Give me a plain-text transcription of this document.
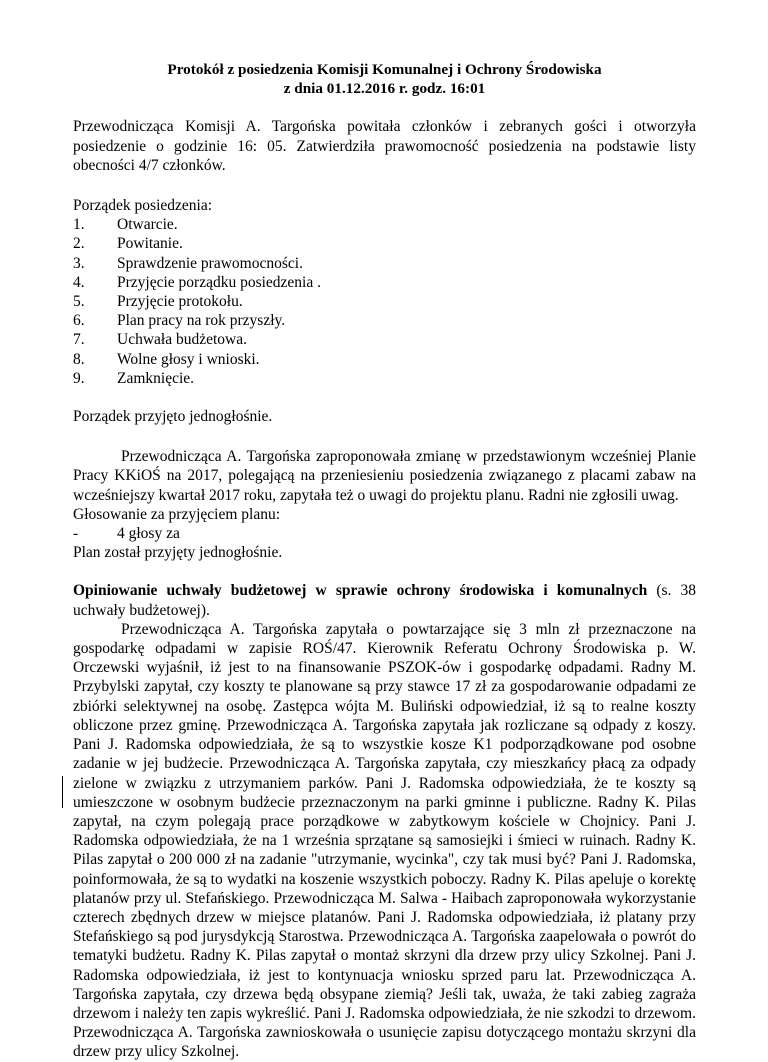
Protokół z posiedzenia Komisji Komunalnej i Ochrony Środowiska

z dnia 01.12.2016 r. godz. 16:01

Przewodnicząca Komisji A. Targońska powitała członków i zebranych gości i otworzyła posiedzenie o godzinie 16: 05. Zatwierdziła prawomocność posiedzenia na podstawie listy obecności 4/7 członków.

Porządek posiedzenia:

1.	Otwarcie.
2.	Powitanie.
3.	Sprawdzenie prawomocności.
4.	Przyjęcie porządku posiedzenia .
5.	Przyjęcie protokołu.
6.	Plan pracy na rok przyszły.
7.	Uchwała budżetowa.
8.	Wolne głosy i wnioski.
9.	Zamknięcie.

Porządek przyjęto jednogłośnie.

Przewodnicząca A. Targońska zaproponowała zmianę w przedstawionym wcześniej Planie Pracy KKiOŚ na 2017, polegającą na przeniesieniu posiedzenia związanego z placami zabaw na wcześniejszy kwartał 2017 roku, zapytała też o uwagi do projektu planu. Radni nie zgłosili uwag.

Głosowanie za przyjęciem planu:

-	4 głosy za

Plan został przyjęty jednogłośnie.

Opiniowanie uchwały budżetowej w sprawie ochrony środowiska i komunalnych (s. 38 uchwały budżetowej).

Przewodnicząca A. Targońska zapytała o powtarzające się 3 mln zł przeznaczone na gospodarkę odpadami w zapisie ROŚ/47. Kierownik Referatu Ochrony Środowiska p. W. Orczewski wyjaśnił, iż jest to na finansowanie PSZOK-ów i gospodarkę odpadami. Radny M. Przybylski zapytał, czy koszty te planowane są przy stawce 17 zł za gospodarowanie odpadami ze zbiórki selektywnej na osobę. Zastępca wójta M. Buliński odpowiedział, iż są to realne koszty obliczone przez gminę. Przewodnicząca A. Targońska zapytała jak rozliczane są odpady z koszy. Pani J. Radomska odpowiedziała, że są to wszystkie kosze K1 podporządkowane pod osobne zadanie w jej budżecie. Przewodnicząca A. Targońska zapytała, czy mieszkańcy płacą za odpady zielone w związku z utrzymaniem parków. Pani J. Radomska odpowiedziała, że te koszty są umieszczone w osobnym budżecie przeznaczonym na parki gminne i publiczne. Radny K. Pilas zapytał, na czym polegają prace porządkowe w zabytkowym kościele w Chojnicy. Pani J. Radomska odpowiedziała, że na 1 września sprzątane są samosiejki i śmieci w ruinach. Radny K. Pilas zapytał o 200 000 zł na zadanie "utrzymanie, wycinka", czy tak musi być? Pani J. Radomska, poinformowała, że są to wydatki na koszenie wszystkich poboczy. Radny K. Pilas apeluje o korektę platanów przy ul. Stefańskiego. Przewodnicząca M. Salwa - Haibach zaproponowała wykorzystanie czterech zbędnych drzew w miejsce platanów. Pani J. Radomska odpowiedziała, iż platany przy Stefańskiego są pod jurysdykcją Starostwa. Przewodnicząca A. Targońska zaapelowała o powrót do tematyki budżetu. Radny K. Pilas zapytał o montaż skrzyni dla drzew przy ulicy Szkolnej. Pani J. Radomska odpowiedziała, iż jest to kontynuacja wniosku sprzed paru lat. Przewodnicząca A. Targońska zapytała, czy drzewa będą obsypane ziemią? Jeśli tak, uważa, że taki zabieg zagraża drzewom i należy ten zapis wykreślić. Pani J. Radomska odpowiedziała, że nie szkodzi to drzewom. Przewodnicząca A. Targońska zawnioskowała o usunięcie zapisu dotyczącego montażu skrzyni dla drzew przy ulicy Szkolnej.
